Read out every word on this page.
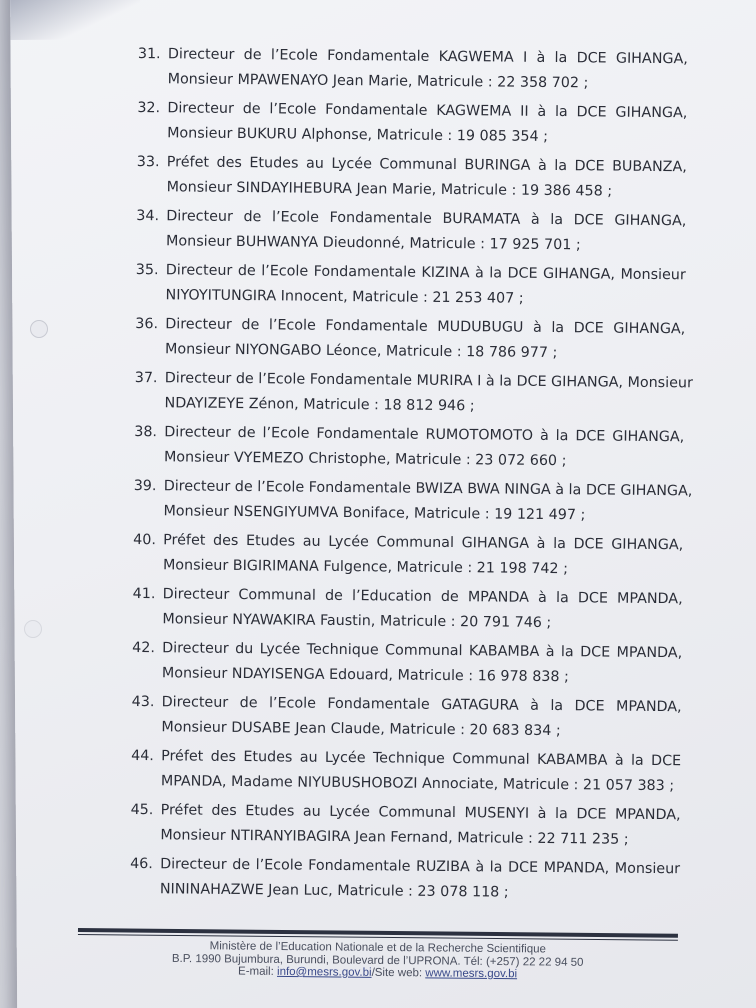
31. Directeur de l’Ecole Fondamentale KAGWEMA I à la DCE GIHANGA,
Monsieur MPAWENAYO Jean Marie, Matricule : 22 358 702 ;
32. Directeur de l’Ecole Fondamentale KAGWEMA II à la DCE GIHANGA,
Monsieur BUKURU Alphonse, Matricule : 19 085 354 ;
33. Préfet des Etudes au Lycée Communal BURINGA à la DCE BUBANZA,
Monsieur SINDAYIHEBURA Jean Marie, Matricule : 19 386 458 ;
34. Directeur de l’Ecole Fondamentale BURAMATA à la DCE GIHANGA,
Monsieur BUHWANYA Dieudonné, Matricule : 17 925 701 ;
35. Directeur de l’Ecole Fondamentale KIZINA à la DCE GIHANGA, Monsieur
NIYOYITUNGIRA Innocent, Matricule : 21 253 407 ;
36. Directeur de l’Ecole Fondamentale MUDUBUGU à la DCE GIHANGA,
Monsieur NIYONGABO Léonce, Matricule : 18 786 977 ;
37. Directeur de l’Ecole Fondamentale MURIRA I à la DCE GIHANGA, Monsieur
NDAYIZEYE Zénon, Matricule : 18 812 946 ;
38. Directeur de l’Ecole Fondamentale RUMOTOMOTO à la DCE GIHANGA,
Monsieur VYEMEZO Christophe, Matricule : 23 072 660 ;
39. Directeur de l’Ecole Fondamentale BWIZA BWA NINGA à la DCE GIHANGA,
Monsieur NSENGIYUMVA Boniface, Matricule : 19 121 497 ;
40. Préfet des Etudes au Lycée Communal GIHANGA à la DCE GIHANGA,
Monsieur BIGIRIMANA Fulgence, Matricule : 21 198 742 ;
41. Directeur Communal de l’Education de MPANDA à la DCE MPANDA,
Monsieur NYAWAKIRA Faustin, Matricule : 20 791 746 ;
42. Directeur du Lycée Technique Communal KABAMBA à la DCE MPANDA,
Monsieur NDAYISENGA Edouard, Matricule : 16 978 838 ;
43. Directeur de l’Ecole Fondamentale GATAGURA à la DCE MPANDA,
Monsieur DUSABE Jean Claude, Matricule : 20 683 834 ;
44. Préfet des Etudes au Lycée Technique Communal KABAMBA à la DCE
MPANDA, Madame NIYUBUSHOBOZI Annociate, Matricule : 21 057 383 ;
45. Préfet des Etudes au Lycée Communal MUSENYI à la DCE MPANDA,
Monsieur NTIRANYIBAGIRA Jean Fernand, Matricule : 22 711 235 ;
46. Directeur de l’Ecole Fondamentale RUZIBA à la DCE MPANDA, Monsieur
NININAHAZWE Jean Luc, Matricule : 23 078 118 ;
Ministère de l’Education Nationale et de la Recherche Scientifique
B.P. 1990 Bujumbura, Burundi, Boulevard de l’UPRONA. Tél: (+257) 22 22 94 50
E-mail: info@mesrs.gov.bi/Site web: www.mesrs.gov.bi
